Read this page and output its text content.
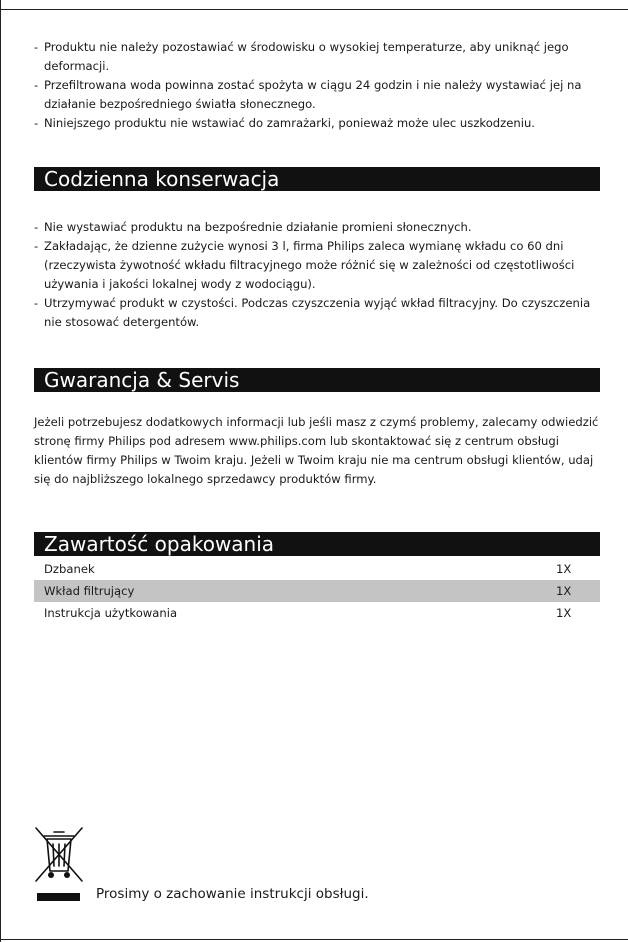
- Produktu nie należy pozostawiać w środowisku o wysokiej temperaturze, aby uniknąć jego deformacji.
- Przefiltrowana woda powinna zostać spożyta w ciągu 24 godzin i nie należy wystawiać jej na działanie bezpośredniego światła słonecznego.
- Niniejszego produktu nie wstawiać do zamrażarki, ponieważ może ulec uszkodzeniu.
Codzienna konserwacja
- Nie wystawiać produktu na bezpośrednie działanie promieni słonecznych.
- Zakładając, że dzienne zużycie wynosi 3 l, firma Philips zaleca wymianę wkładu co 60 dni (rzeczywista żywotność wkładu filtracyjnego może różnić się w zależności od częstotliwości używania i jakości lokalnej wody z wodociągu).
- Utrzymywać produkt w czystości. Podczas czyszczenia wyjąć wkład filtracyjny. Do czyszczenia nie stosować detergentów.
Gwarancja & Servis

Jeżeli potrzebujesz dodatkowych informacji lub jeśli masz z czymś problemy, zalecamy odwiedzić stronę firmy Philips pod adresem www.philips.com lub skontaktować się z centrum obsługi klientów firmy Philips w Twoim kraju. Jeżeli w Twoim kraju nie ma centrum obsługi klientów, udaj się do najbliższego lokalnego sprzedawcy produktów firmy.

Zawartość opakowania
Dzbanek	1X
Wkład filtrujący	1X
Instrukcja użytkowania	1X
Prosimy o zachowanie instrukcji obsługi.
